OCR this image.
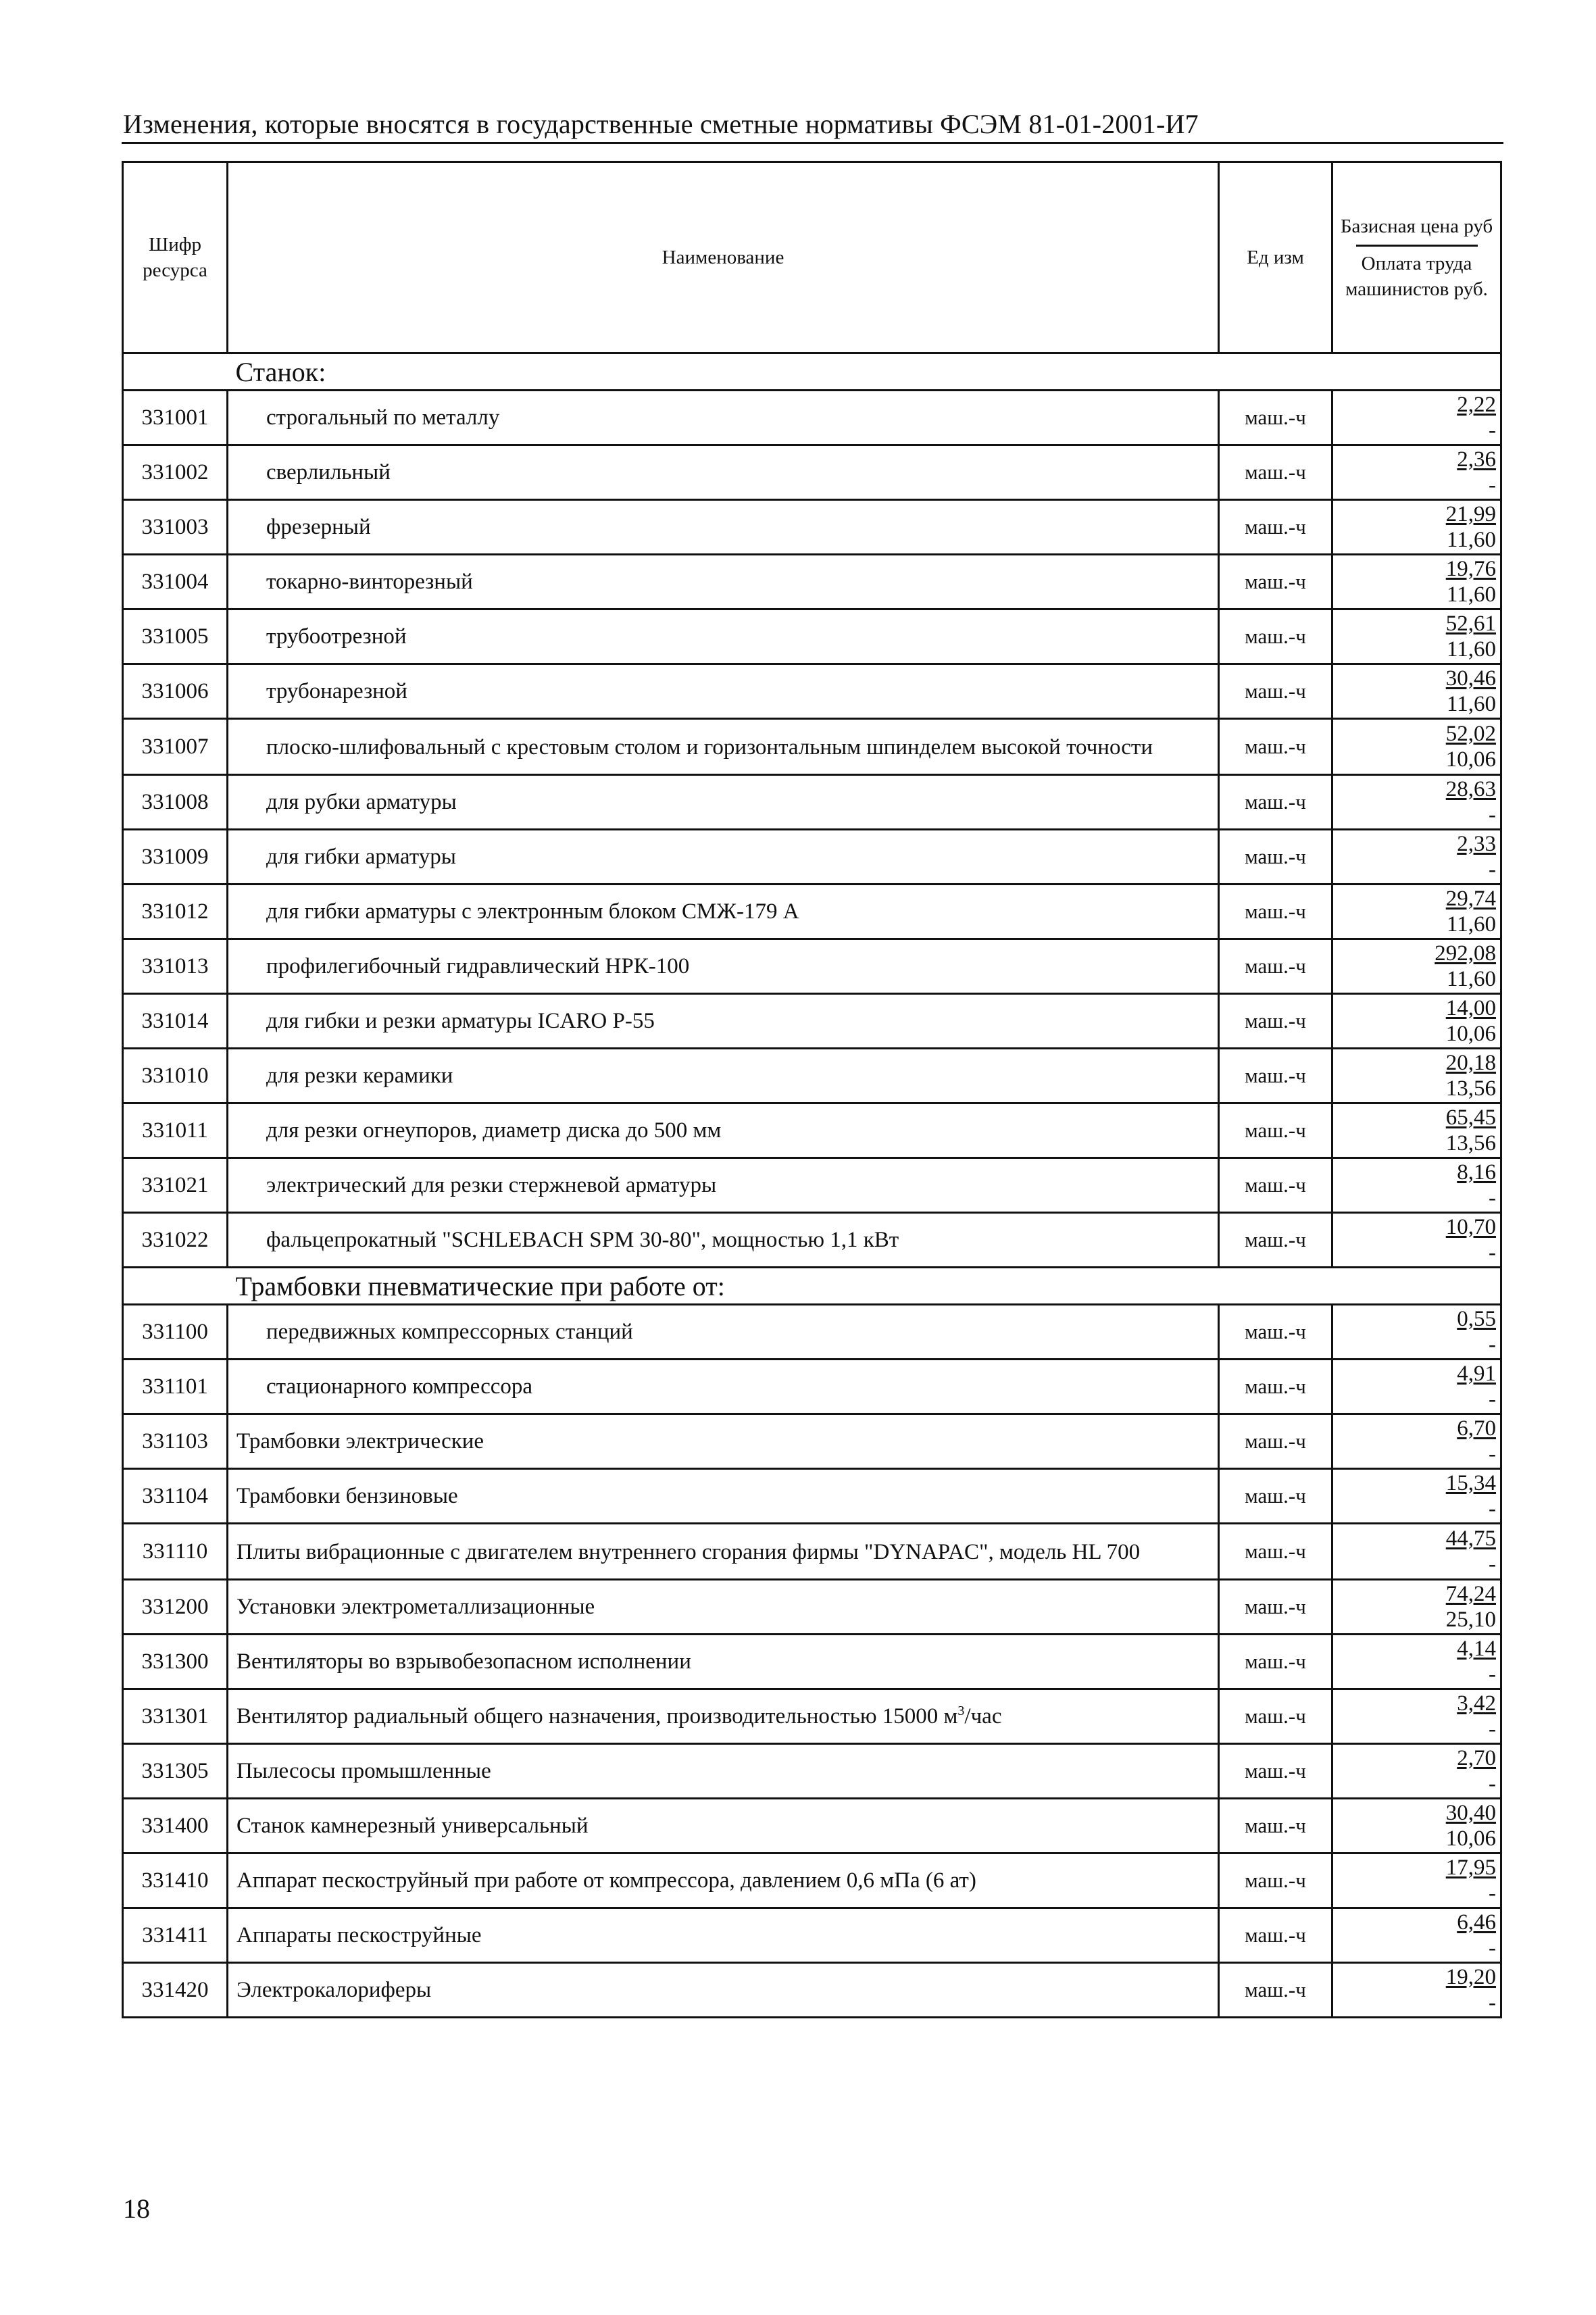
Изменения, которые вносятся в государственные сметные нормативы ФСЭМ 81-01-2001-И7
Шифр ресурса	Наименование	Ед изм	Базисная цена руб
Оплата труда машинистов руб.

	Станок:		
331001	строгальный по металлу	маш.-ч	2,22
-

331002	сверлильный	маш.-ч	2,36
-

331003	фрезерный	маш.-ч	21,99
11,60

331004	токарно-винторезный	маш.-ч	19,76
11,60

331005	трубоотрезной	маш.-ч	52,61
11,60

331006	трубонарезной	маш.-ч	30,46
11,60

331007	плоско-шлифовальный с крестовым столом и горизонтальным шпинделем высокой точности	маш.-ч	52,02
10,06

331008	для рубки арматуры	маш.-ч	28,63
-

331009	для гибки арматуры	маш.-ч	2,33
-

331012	для гибки арматуры с электронным блоком СМЖ-179 А	маш.-ч	29,74
11,60

331013	профилегибочный гидравлический НРК-100	маш.-ч	292,08
11,60

331014	для гибки и резки арматуры ICARO P-55	маш.-ч	14,00
10,06

331010	для резки керамики	маш.-ч	20,18
13,56

331011	для резки огнеупоров, диаметр диска до 500 мм	маш.-ч	65,45
13,56

331021	электрический для резки стержневой арматуры	маш.-ч	8,16
-

331022	фальцепрокатный "SCHLEBACH SPM 30-80", мощностью 1,1 кВт	маш.-ч	10,70
-

	Трамбовки пневматические при работе от:		
331100	передвижных компрессорных станций	маш.-ч	0,55
-

331101	стационарного компрессора	маш.-ч	4,91
-

331103	Трамбовки электрические	маш.-ч	6,70
-

331104	Трамбовки бензиновые	маш.-ч	15,34
-

331110	Плиты вибрационные с двигателем внутреннего сгорания фирмы "DYNAPAC", модель HL 700	маш.-ч	44,75
-

331200	Установки электрометаллизационные	маш.-ч	74,24
25,10

331300	Вентиляторы во взрывобезопасном исполнении	маш.-ч	4,14
-

331301	Вентилятор радиальный общего назначения, производительностью 15000 $м^3$/час	маш.-ч	3,42
-

331305	Пылесосы промышленные	маш.-ч	2,70
-

331400	Станок камнерезный универсальный	маш.-ч	30,40
10,06

331410	Аппарат пескоструйный при работе от компрессора, давлением 0,6 мПа (6 ат)	маш.-ч	17,95
-

331411	Аппараты пескоструйные	маш.-ч	6,46
-

331420	Электрокалориферы	маш.-ч	19,20
-
18
